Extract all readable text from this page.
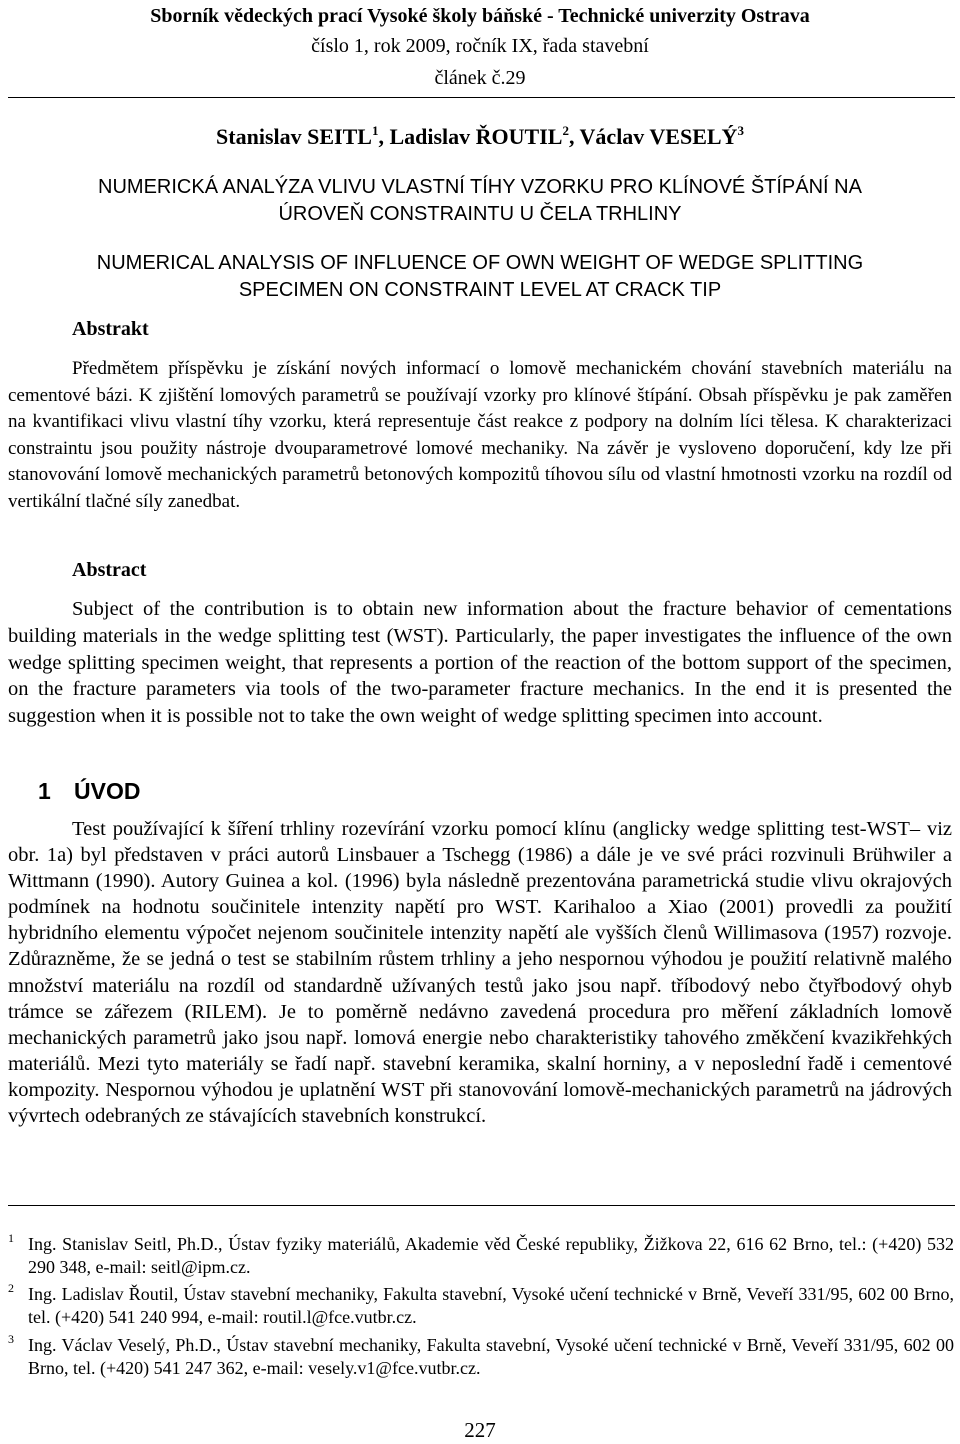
Sborník vědeckých prací Vysoké školy báňské - Technické univerzity Ostrava
číslo 1, rok 2009, ročník IX, řada stavební
článek č.29
Stanislav SEITL$^1$, Ladislav ŘOUTIL$^2$, Václav VESELÝ$^3$
NUMERICKÁ ANALÝZA VLIVU VLASTNÍ TÍHY VZORKU PRO KLÍNOVÉ ŠTÍPÁNÍ NA
ÚROVEŇ CONSTRAINTU U ČELA TRHLINY
NUMERICAL ANALYSIS OF INFLUENCE OF OWN WEIGHT OF WEDGE SPLITTING
SPECIMEN ON CONSTRAINT LEVEL AT CRACK TIP
Abstrakt
Předmětem příspěvku je získání nových informací o lomově mechanickém chování stavebních materiálu na cementové bázi. K zjištění lomových parametrů se používají vzorky pro klínové štípání. Obsah příspěvku je pak zaměřen na kvantifikaci vlivu vlastní tíhy vzorku, která representuje část reakce z podpory na dolním líci tělesa. K charakterizaci constraintu jsou použity nástroje dvouparametrové lomové mechaniky. Na závěr je vysloveno doporučení, kdy lze při stanovování lomově mechanických parametrů betonových kompozitů tíhovou sílu od vlastní hmotnosti vzorku na rozdíl od vertikální tlačné síly zanedbat.
Abstract
Subject of the contribution is to obtain new information about the fracture behavior of cementations building materials in the wedge splitting test (WST). Particularly, the paper investigates the influence of the own wedge splitting specimen weight, that represents a portion of the reaction of the bottom support of the specimen, on the fracture parameters via tools of the two-parameter fracture mechanics. In the end it is presented the suggestion when it is possible not to take the own weight of wedge splitting specimen into account.
1 ÚVOD
Test používající k šíření trhliny rozevírání vzorku pomocí klínu (anglicky wedge splitting test-WST– viz obr. 1a) byl představen v práci autorů Linsbauer a Tschegg (1986) a dále je ve své práci rozvinuli Brühwiler a Wittmann (1990). Autory Guinea a kol. (1996) byla následně prezentována parametrická studie vlivu okrajových podmínek na hodnotu součinitele intenzity napětí pro WST. Karihaloo a Xiao (2001) provedli za použití hybridního elementu výpočet nejenom součinitele intenzity napětí ale vyšších členů Willimasova (1957) rozvoje. Zdůrazněme, že se jedná o test se stabilním růstem trhliny a jeho nespornou výhodou je použití relativně malého množství materiálu na rozdíl od standardně užívaných testů jako jsou např. tříbodový nebo čtyřbodový ohyb trámce se zářezem (RILEM). Je to poměrně nedávno zavedená procedura pro měření základních lomově mechanických parametrů jako jsou např. lomová energie nebo charakteristiky tahového změkčení kvazikřehkých materiálů. Mezi tyto materiály se řadí např. stavební keramika, skalní horniny, a v neposlední řadě i cementové kompozity. Nespornou výhodou je uplatnění WST při stanovování lomově-mechanických parametrů na jádrových vývrtech odebraných ze stávajících stavebních konstrukcí.
1 Ing. Stanislav Seitl, Ph.D., Ústav fyziky materiálů, Akademie věd České republiky, Žižkova 22, 616 62 Brno, tel.: (+420) 532 290 348, e-mail: seitl@ipm.cz.
2 Ing. Ladislav Řoutil, Ústav stavební mechaniky, Fakulta stavební, Vysoké učení technické v Brně, Veveří 331/95, 602 00 Brno, tel. (+420) 541 240 994, e-mail: routil.l@fce.vutbr.cz.
3 Ing. Václav Veselý, Ph.D., Ústav stavební mechaniky, Fakulta stavební, Vysoké učení technické v Brně, Veveří 331/95, 602 00 Brno, tel. (+420) 541 247 362, e-mail: vesely.v1@fce.vutbr.cz.
227
